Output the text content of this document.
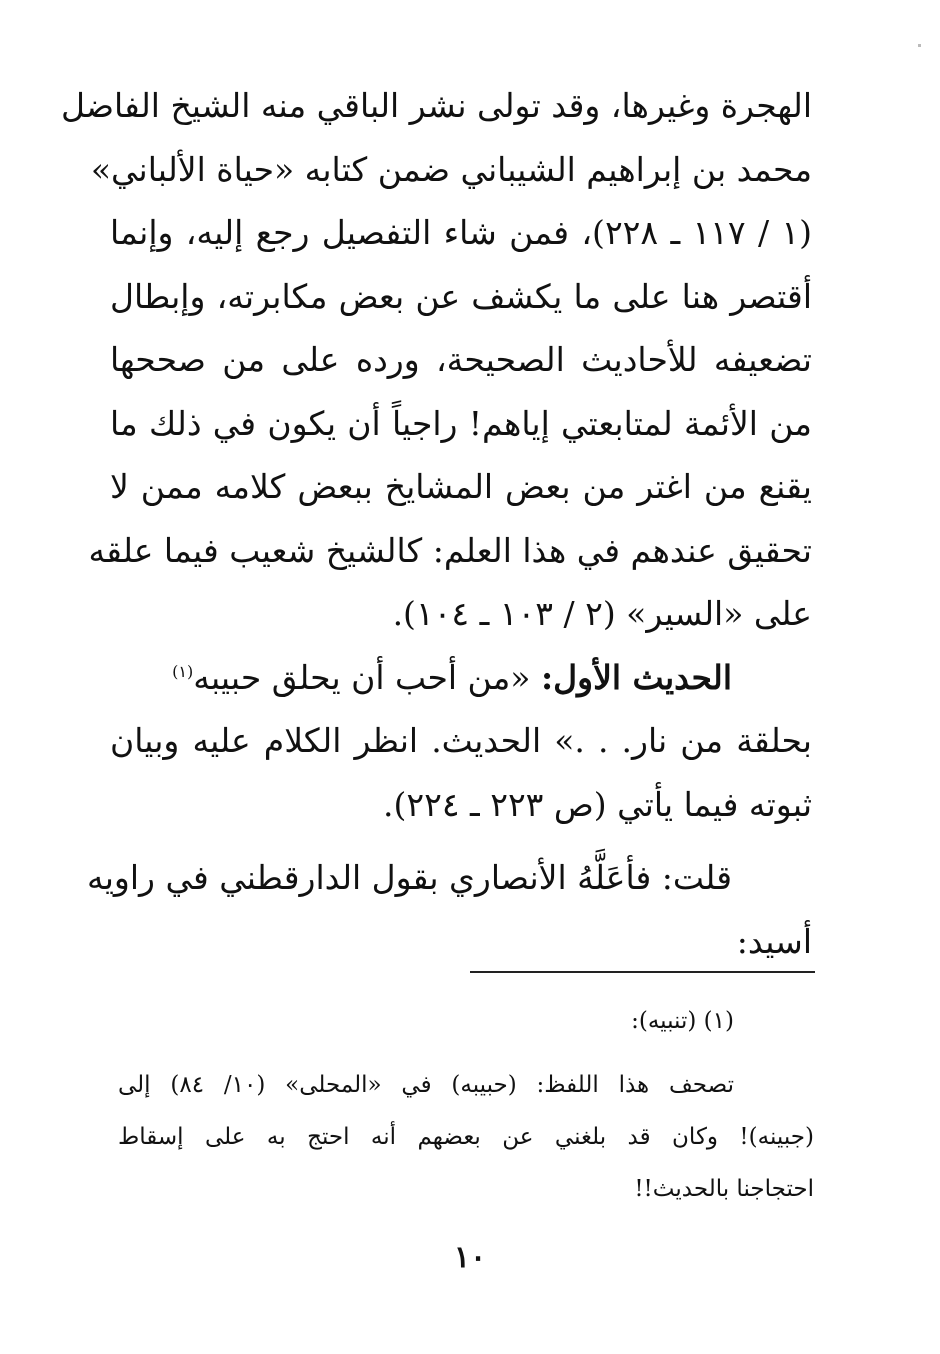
الهجرة وغيرها، وقد تولى نشر الباقي منه الشيخ الفاضل
محمد بن إبراهيم الشيباني ضمن كتابه «حياة الألباني»
(١ / ١١٧ ـ ٢٢٨)، فمن شاء التفصيل رجع إليه، وإنما
أقتصر هنا على ما يكشف عن بعض مكابرته، وإبطال
تضعيفه للأحاديث الصحيحة، ورده على من صححها
من الأئمة لمتابعتي إياهم! راجياً أن يكون في ذلك ما
يقنع من اغتر من بعض المشايخ ببعض كلامه ممن لا
تحقيق عندهم في هذا العلم: كالشيخ شعيب فيما علقه
على «السير» (٢ / ١٠٣ ـ ١٠٤).
الحديث الأول: «من أحب أن يحلق حبيبه$^{(١)}$
بحلقة من نار. . .» الحديث. انظر الكلام عليه وبيان
ثبوته فيما يأتي (ص ٢٢٣ ـ ٢٢٤).
قلت: فأعَلَّهُ الأنصاري بقول الدارقطني في راويه
أسيد:
(١) (تنبيه):
تصحف هذا اللفظ: (حبيبه) في «المحلى» (١٠/ ٨٤) إلى
(جبينه)! وكان قد بلغني عن بعضهم أنه احتج به على إسقاط
احتجاجنا بالحديث!!
١٠
